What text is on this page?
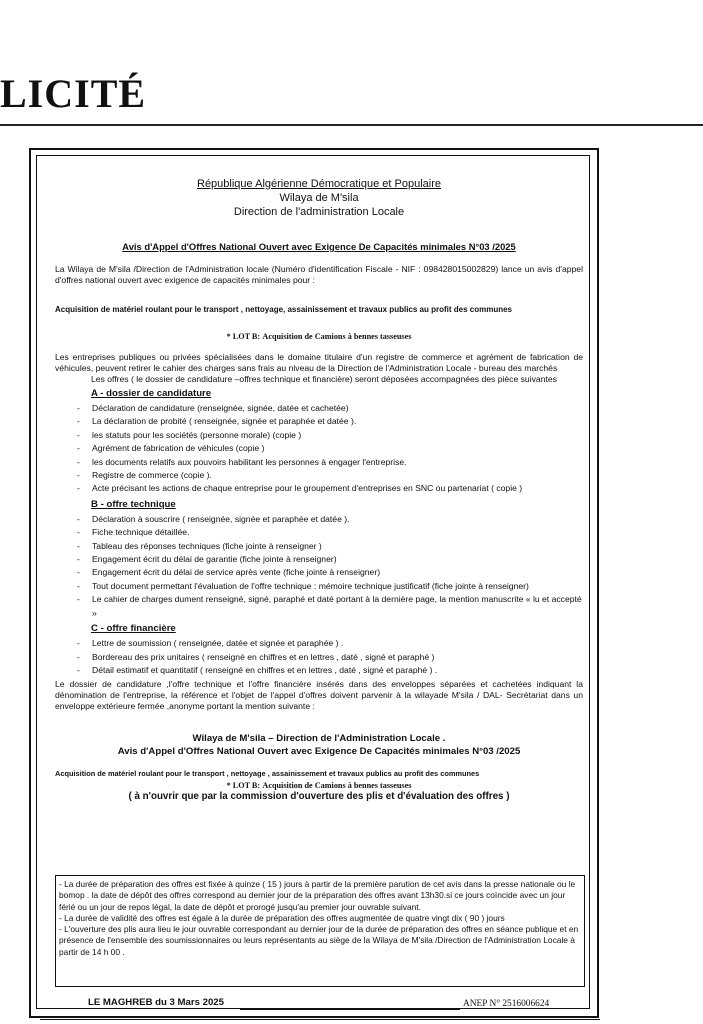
LICITÉ
République Algérienne Démocratique et Populaire
Wilaya de M'sila
Direction de l'administration Locale
Avis d'Appel d'Offres National Ouvert avec Exigence De Capacités minimales N°03 /2025
La Wilaya de M'sila /Direction de l'Administration locale (Numéro d'identification Fiscale - NIF : 098428015002829) lance un avis d'appel d'offres national ouvert avec exigence de capacités minimales pour :
Acquisition de matériel roulant pour le transport , nettoyage, assainissement et travaux publics au profit des communes
* LOT B: Acquisition de Camions à bennes tasseuses
Les entreprises publiques ou privées spécialisées dans le domaine titulaire d'un registre de commerce et agrément de fabrication de véhicules, peuvent retirer le cahier des charges sans frais au niveau de la Direction de l'Administration Locale - bureau des marchés
Les offres ( le dossier de candidature –offres technique et financière) seront déposées accompagnées des pièce suivantes
A - dossier de candidature
- Déclaration de candidature (renseignée, signée, datée et cachetée)
- La déclaration de probité ( renseignée, signée et paraphée et datée ).
- les statuts pour les sociétés (personne morale) (copie )
- Agrément de fabrication de véhicules (copie )
- les documents relatifs aux pouvoirs habilitant les personnes à engager l'entreprise.
- Registre de commerce (copie ).
- Acte précisant les actions de chaque entreprise pour le groupement d'entreprises en SNC ou partenariat ( copie )
B - offre technique
- Déclaration à souscrire ( renseignée, signée et paraphée et datée ).
- Fiche technique détaillée.
- Tableau des réponses techniques (fiche jointe à renseigner )
- Engagement écrit du délai de garantie (fiche jointe à renseigner)
- Engagement écrit du délai de service après vente (fiche jointe à renseigner)
- Tout document permettant l'évaluation de l'offre technique : mémoire technique justificatif (fiche jointe à renseigner)
- Le cahier de charges dument renseigné, signé, paraphé et daté portant à la dernière page, la mention manuscrite « lu et accepté »
C - offre financière
- Lettre de soumission ( renseignée, datée et signée et paraphée ) .
- Bordereau des prix unitaires ( renseigné en chiffres et en lettres , daté , signé et paraphé )
- Détail estimatif et quantitatif ( renseigné en chiffres et en lettres , daté , signé et paraphé ) .
Le dossier de candidature ,l'offre technique et l'offre financière insérés dans des enveloppes séparées et cachetées indiquant la dénomination de l'entreprise, la référence et l'objet de l'appel d'offres doivent parvenir à la wilayade M'sila / DAL- Secrétariat dans un enveloppe extérieure fermée ,anonyme portant la mention suivante :
Wilaya de M'sila – Direction de l'Administration Locale .
Avis d'Appel d'Offres National Ouvert avec Exigence De Capacités minimales N°03 /2025
Acquisition de matériel roulant pour le transport , nettoyage , assainissement et travaux publics au profit des communes
* LOT B: Acquisition de Camions à bennes tasseuses
( à n'ouvrir que par la commission d'ouverture des plis et d'évaluation des offres )
- La durée de préparation des offres est fixée à quinze ( 15 ) jours à partir de la première parution de cet avis dans la presse nationale ou le bomop . la date de dépôt des offres correspond au dernier jour de la préparation des offres avant 13h30.si ce jours coïncide avec un jour férié ou un jour de repos légal, la date de dépôt et prorogé jusqu'au premier jour ouvrable suivant.
- La durée de validité des offres est égale à la durée de préparation des offres augmentée de quatre vingt dix ( 90 ) jours
- L'ouverture des plis aura lieu le jour ouvrable correspondant au dernier jour de la durée de préparation des offres en séance publique et en présence de l'ensemble des soumissionnaires ou leurs représentants au siège de la Wilaya de M'sila /Direction de l'Administration Locale à partir de 14 h 00 .
LE MAGHREB du 3 Mars 2025	ANEP N° 2516006624
